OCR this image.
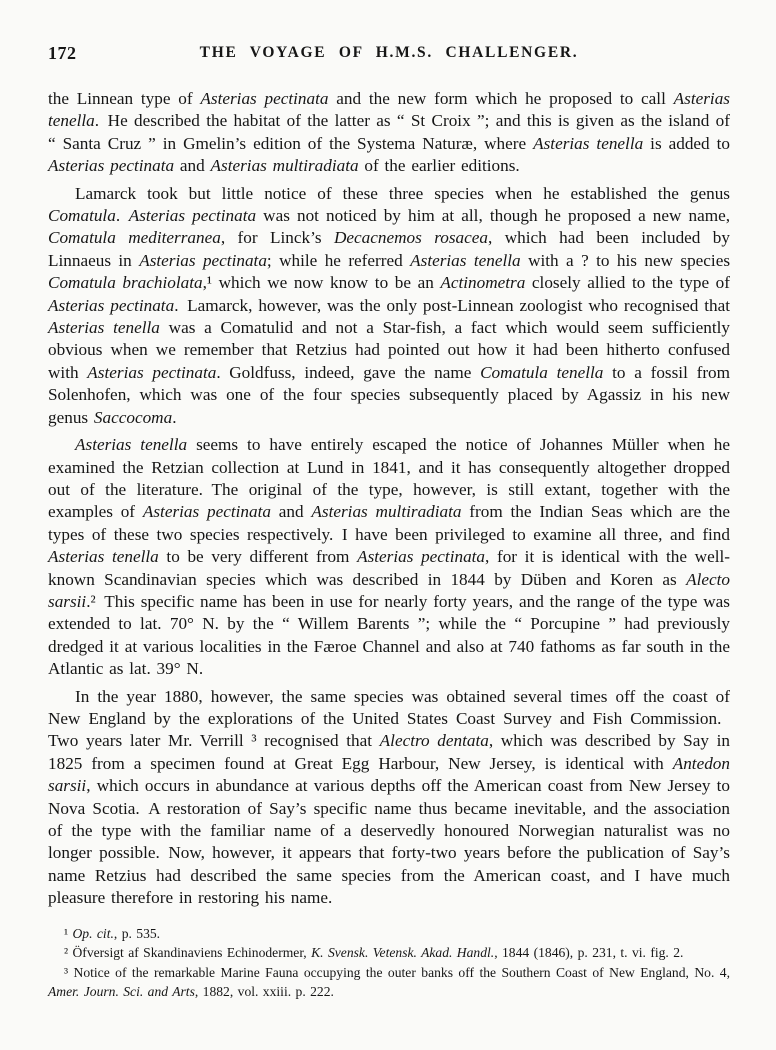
172	THE VOYAGE OF H.M.S. CHALLENGER.

the Linnean type of Asterias pectinata and the new form which he proposed to call Asterias tenella. He described the habitat of the latter as “ St Croix ”; and this is given as the island of “ Santa Cruz ” in Gmelin’s edition of the Systema Naturæ, where Asterias tenella is added to Asterias pectinata and Asterias multiradiata of the earlier editions.

Lamarck took but little notice of these three species when he established the genus Comatula. Asterias pectinata was not noticed by him at all, though he proposed a new name, Comatula mediterranea, for Linck’s Decacnemos rosacea, which had been included by Linnaeus in Asterias pectinata; while he referred Asterias tenella with a ? to his new species Comatula brachiolata,¹ which we now know to be an Actinometra closely allied to the type of Asterias pectinata. Lamarck, however, was the only post-Linnean zoologist who recognised that Asterias tenella was a Comatulid and not a Star-fish, a fact which would seem sufficiently obvious when we remember that Retzius had pointed out how it had been hitherto confused with Asterias pectinata. Goldfuss, indeed, gave the name Comatula tenella to a fossil from Solenhofen, which was one of the four species subsequently placed by Agassiz in his new genus Saccocoma.

Asterias tenella seems to have entirely escaped the notice of Johannes Müller when he examined the Retzian collection at Lund in 1841, and it has consequently altogether dropped out of the literature. The original of the type, however, is still extant, together with the examples of Asterias pectinata and Asterias multiradiata from the Indian Seas which are the types of these two species respectively. I have been privileged to examine all three, and find Asterias tenella to be very different from Asterias pectinata, for it is identical with the well-known Scandinavian species which was described in 1844 by Düben and Koren as Alecto sarsii.² This specific name has been in use for nearly forty years, and the range of the type was extended to lat. 70° N. by the “ Willem Barents ”; while the “ Porcupine ” had previously dredged it at various localities in the Færoe Channel and also at 740 fathoms as far south in the Atlantic as lat. 39° N.

In the year 1880, however, the same species was obtained several times off the coast of New England by the explorations of the United States Coast Survey and Fish Commission. Two years later Mr. Verrill ³ recognised that Alectro dentata, which was described by Say in 1825 from a specimen found at Great Egg Harbour, New Jersey, is identical with Antedon sarsii, which occurs in abundance at various depths off the American coast from New Jersey to Nova Scotia. A restoration of Say’s specific name thus became inevitable, and the association of the type with the familiar name of a deservedly honoured Norwegian naturalist was no longer possible. Now, however, it appears that forty-two years before the publication of Say’s name Retzius had described the same species from the American coast, and I have much pleasure therefore in restoring his name.

¹ Op. cit., p. 535.

² Öfversigt af Skandinaviens Echinodermer, K. Svensk. Vetensk. Akad. Handl., 1844 (1846), p. 231, t. vi. fig. 2.

³ Notice of the remarkable Marine Fauna occupying the outer banks off the Southern Coast of New England, No. 4, Amer. Journ. Sci. and Arts, 1882, vol. xxiii. p. 222.
